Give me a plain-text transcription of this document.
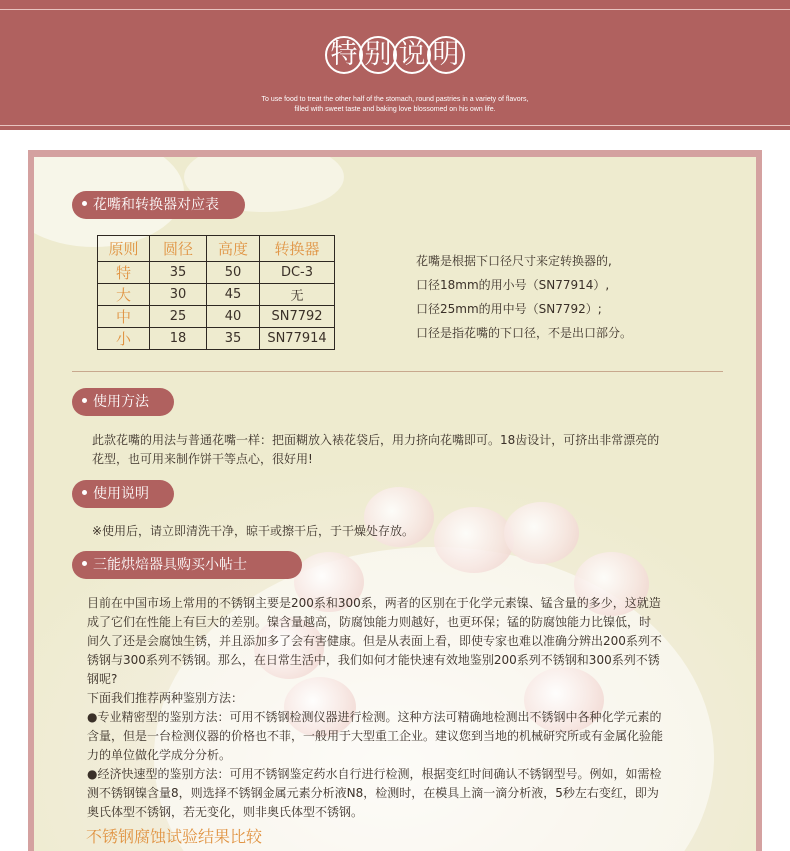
特 别 说 明
To use food to treat the other half of the stomach, round pastries in a variety of flavors,
filled with sweet taste and baking love blossomed on his own life.
花嘴和转换器对应表
原则	圆径	高度	转换器
特	35	50	DC-3
大	30	45	无
中	25	40	SN7792
小	18	35	SN77914
花嘴是根据下口径尺寸来定转换器的,
口径18mm的用小号（SN77914）,
口径25mm的用中号（SN7792）;
口径是指花嘴的下口径，不是出口部分。
使用方法
此款花嘴的用法与普通花嘴一样：把面糊放入裱花袋后，用力挤向花嘴即可。18齿设计，可挤出非常漂亮的
花型，也可用来制作饼干等点心，很好用!
使用说明
※使用后，请立即清洗干净，晾干或擦干后，于干燥处存放。
三能烘焙器具购买小帖士
目前在中国市场上常用的不锈钢主要是200系和300系，两者的区别在于化学元素镍、锰含量的多少，这就造
成了它们在性能上有巨大的差别。镍含量越高，防腐蚀能力则越好，也更环保；锰的防腐蚀能力比镍低，时
间久了还是会腐蚀生锈，并且添加多了会有害健康。但是从表面上看，即使专家也难以准确分辨出200系列不
锈钢与300系列不锈钢。那么，在日常生活中，我们如何才能快速有效地鉴别200系列不锈钢和300系列不锈
钢呢?
下面我们推荐两种鉴别方法：
●专业精密型的鉴别方法：可用不锈钢检测仪器进行检测。这种方法可精确地检测出不锈钢中各种化学元素的
含量，但是一台检测仪器的价格也不菲，一般用于大型重工企业。建议您到当地的机械研究所或有金属化验能
力的单位做化学成分分析。
●经济快速型的鉴别方法：可用不锈钢鉴定药水自行进行检测，根据变红时间确认不锈钢型号。例如，如需检
测不锈钢镍含量8，则选择不锈钢金属元素分析液N8，检测时，在模具上滴一滴分析液，5秒左右变红，即为
奥氏体型不锈钢，若无变化，则非奥氏体型不锈钢。
不锈钢腐蚀试验结果比较
